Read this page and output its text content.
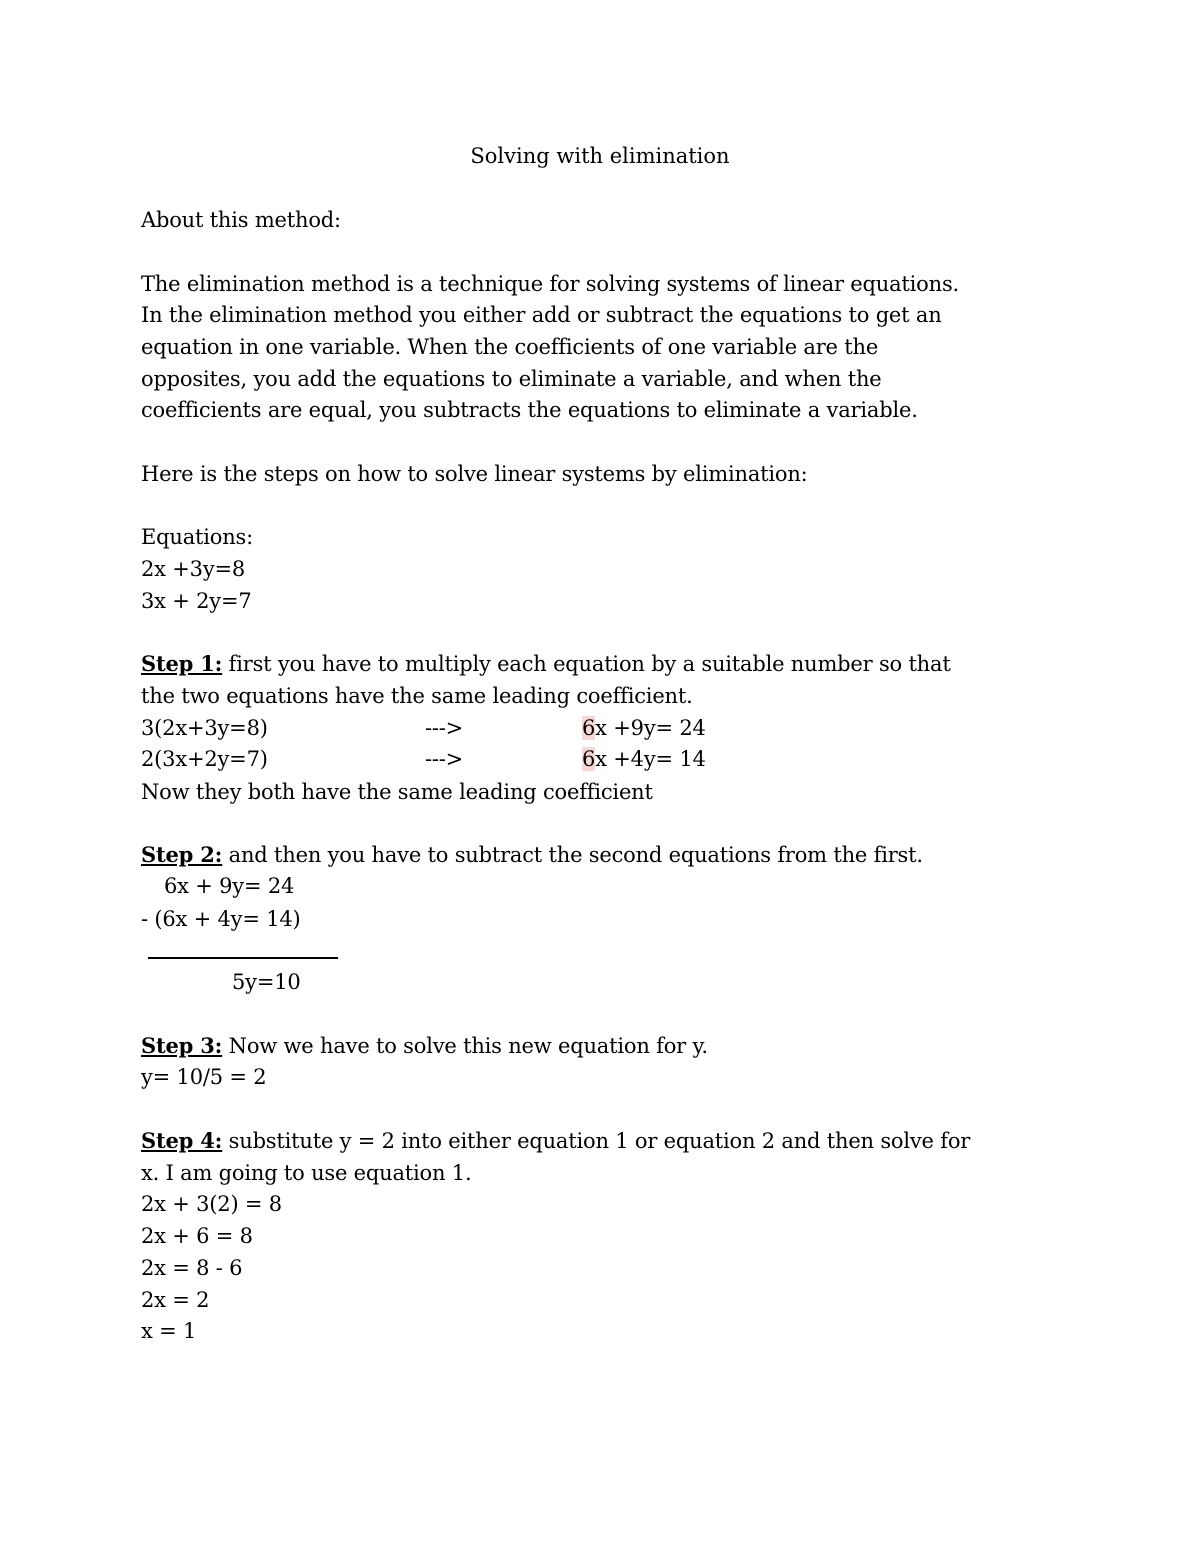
Solving with elimination
About this method:
The elimination method is a technique for solving systems of linear equations.
In the elimination method you either add or subtract the equations to get an
equation in one variable. When the coefficients of one variable are the
opposites, you add the equations to eliminate a variable, and when the
coefficients are equal, you subtracts the equations to eliminate a variable.
Here is the steps on how to solve linear systems by elimination:
Equations:
2x +3y=8
3x + 2y=7
Step 1: first you have to multiply each equation by a suitable number so that
the two equations have the same leading coefficient.
3(2x+3y=8)	--->	6x +9y= 24
2(3x+2y=7)	--->	6x +4y= 14
Now they both have the same leading coefficient
Step 2: and then you have to subtract the second equations from the first.
6x + 9y= 24
- (6x + 4y= 14)
5y=10
Step 3: Now we have to solve this new equation for y.
y= 10/5 = 2
Step 4: substitute y = 2 into either equation 1 or equation 2 and then solve for
x. I am going to use equation 1.
2x + 3(2) = 8
2x + 6 = 8
2x = 8 - 6
2x = 2
x = 1
